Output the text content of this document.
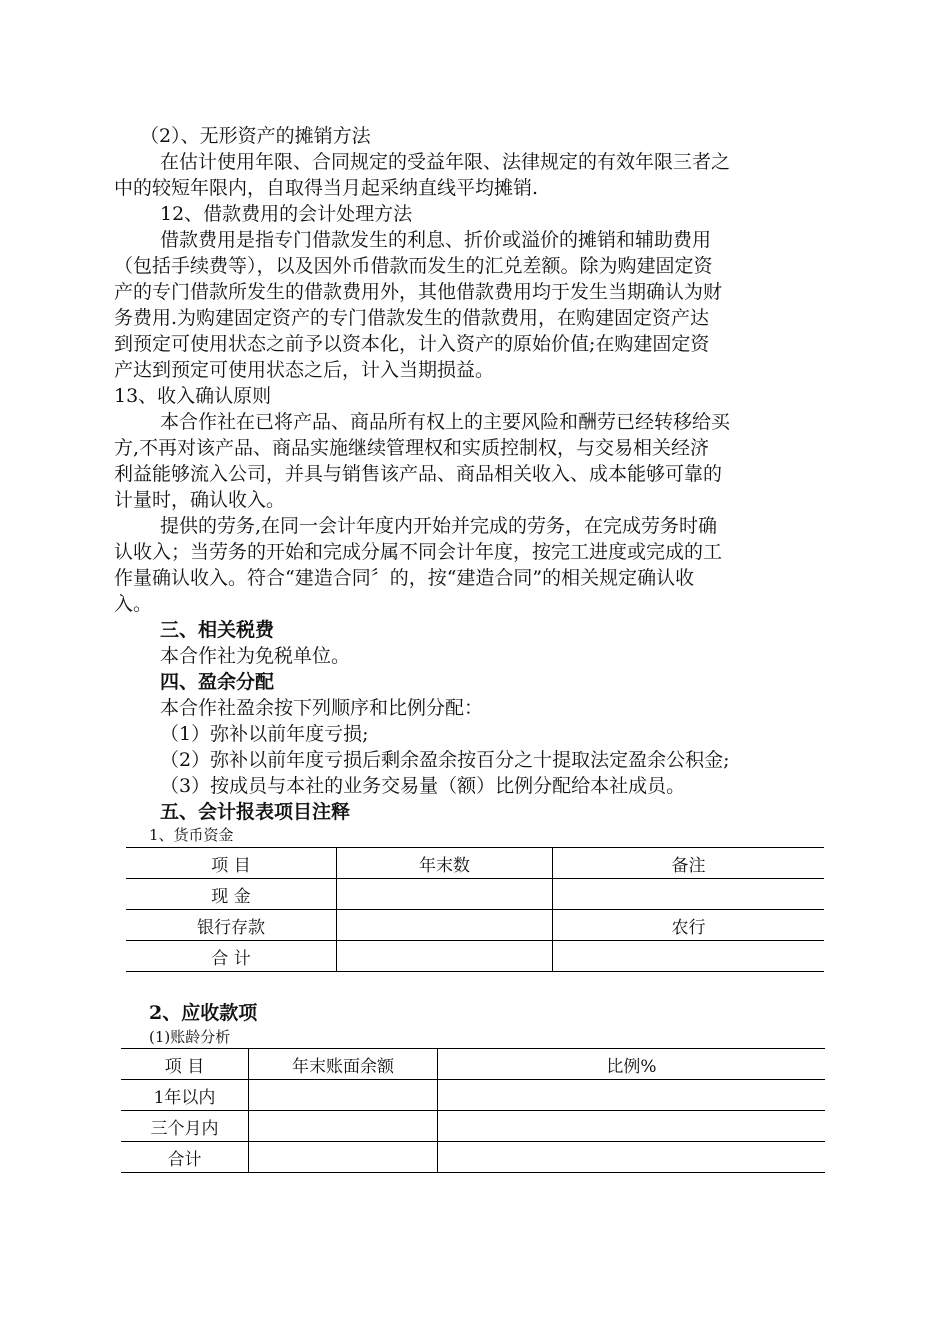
（2）、无形资产的摊销方法
在估计使用年限、合同规定的受益年限、法律规定的有效年限三者之
中的较短年限内，自取得当月起采纳直线平均摊销.
12、借款费用的会计处理方法
借款费用是指专门借款发生的利息、折价或溢价的摊销和辅助费用
（包括手续费等），以及因外币借款而发生的汇兑差额。除为购建固定资
产的专门借款所发生的借款费用外，其他借款费用均于发生当期确认为财
务费用.为购建固定资产的专门借款发生的借款费用，在购建固定资产达
到预定可使用状态之前予以资本化，计入资产的原始价值;在购建固定资
产达到预定可使用状态之后，计入当期损益。
13、收入确认原则
本合作社在已将产品、商品所有权上的主要风险和酬劳已经转移给买
方,不再对该产品、商品实施继续管理权和实质控制权，与交易相关经济
利益能够流入公司，并具与销售该产品、商品相关收入、成本能够可靠的
计量时，确认收入。
提供的劳务,在同一会计年度内开始并完成的劳务，在完成劳务时确
认收入；当劳务的开始和完成分属不同会计年度，按完工进度或完成的工
作量确认收入。符合“建造合同〞的，按“建造合同”的相关规定确认收
入。
三、相关税费
本合作社为免税单位。
四、盈余分配
本合作社盈余按下列顺序和比例分配：
（1）弥补以前年度亏损;
（2）弥补以前年度亏损后剩余盈余按百分之十提取法定盈余公积金;
（3）按成员与本社的业务交易量（额）比例分配给本社成员。
五、会计报表项目注释
1、货币资金
项 目	年末数	备注
现 金		
银行存款		农行
合 计		
2、应收款项
(1)账龄分析
项 目	年末账面余额	比例%
1年以内		
三个月内		
合计		
